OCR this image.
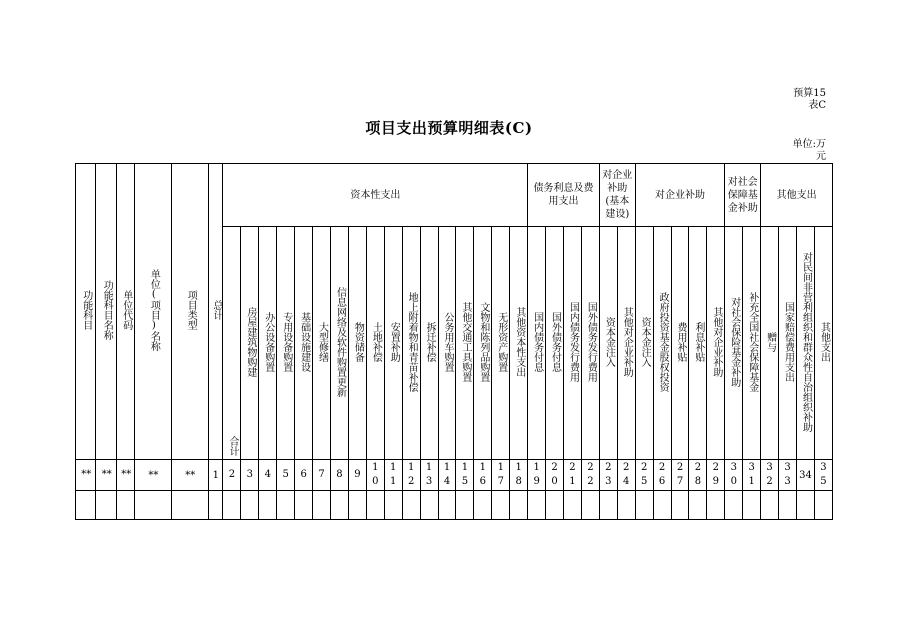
预算15
表C
项目支出预算明细表(C)
单位:万
元
功能科目	功能科目名称	单位代码	单位(项目)名称	项目类型	总计	资本性支出																	债务利息及费用支出				对企业补助(基本建设)		对企业补助					对社会保障基金补助		其他支出			

						合计	房屋建筑物购建	办公设备购置	专用设备购置	基础设施建设	大型修缮	信息网络及软件购置更新	物资储备	土地补偿	安置补助	地上附着物和青苗补偿	拆迁补偿	公务用车购置	其他交通工具购置	文物和陈列品购置	无形资产购置	其他资本性支出	国内债务付息	国外债务付息	国内债务发行费用	国外债务发行费用	资本金注入	其他对企业补助	资本金注入	政府投资基金股权投资	费用补贴	利息补贴	其他对企业补助	对社会保险基金补助	补充全国社会保障基金	赠与	国家赔偿费用支出	对民间非营利组织和群众性自治组织补助	其他支出
**	**	**	**	**	1	2	3	4	5	6	7	8	9	10	11	12	13	14	15	16	17	18	19	20	21	22	23	24	25	26	27	28	29	30	31	32	33	34	35
